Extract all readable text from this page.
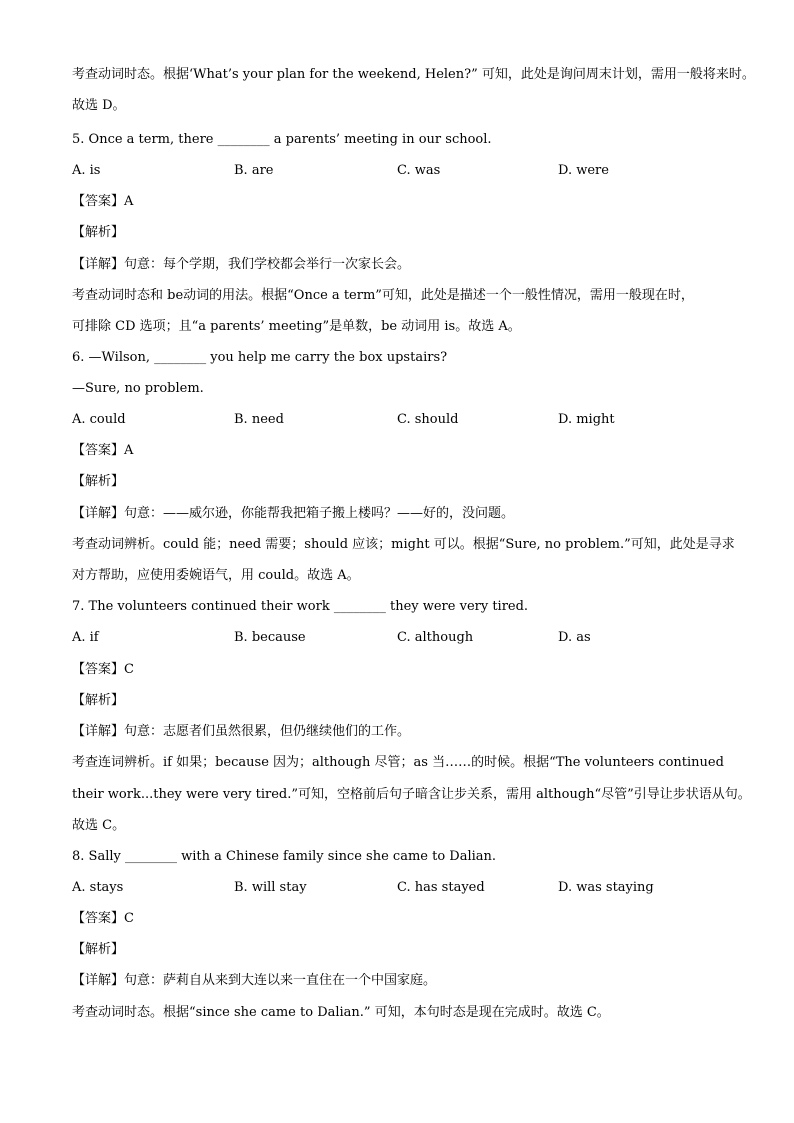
考查动词时态。根据‘What’s your plan for the weekend, Helen?” 可知，此处是询问周末计划，需用一般将来时。
故选 D。
5. Once a term, there ________ a parents’ meeting in our school.
A. is	B. are	C. was	D. were
【答案】A
【解析】
【详解】句意：每个学期，我们学校都会举行一次家长会。
考查动词时态和 be动词的用法。根据“Once a term”可知，此处是描述一个一般性情况，需用一般现在时，
可排除 CD 选项；且“a parents’ meeting”是单数，be 动词用 is。故选 A。
6. —Wilson, ________ you help me carry the box upstairs?
—Sure, no problem.
A. could	B. need	C. should	D. might
【答案】A
【解析】
【详解】句意：——威尔逊，你能帮我把箱子搬上楼吗？——好的，没问题。
考查动词辨析。could 能；need 需要；should 应该；might 可以。根据“Sure, no problem.”可知，此处是寻求
对方帮助，应使用委婉语气，用 could。故选 A。
7. The volunteers continued their work ________ they were very tired.
A. if	B. because	C. although	D. as
【答案】C
【解析】
【详解】句意：志愿者们虽然很累，但仍继续他们的工作。
考查连词辨析。if 如果；because 因为；although 尽管；as 当……的时候。根据“The volunteers continued
their work...they were very tired.”可知，空格前后句子暗含让步关系，需用 although“尽管”引导让步状语从句。
故选 C。
8. Sally ________ with a Chinese family since she came to Dalian.
A. stays	B. will stay	C. has stayed	D. was staying
【答案】C
【解析】
【详解】句意：萨莉自从来到大连以来一直住在一个中国家庭。
考查动词时态。根据“since she came to Dalian.” 可知，本句时态是现在完成时。故选 C。
